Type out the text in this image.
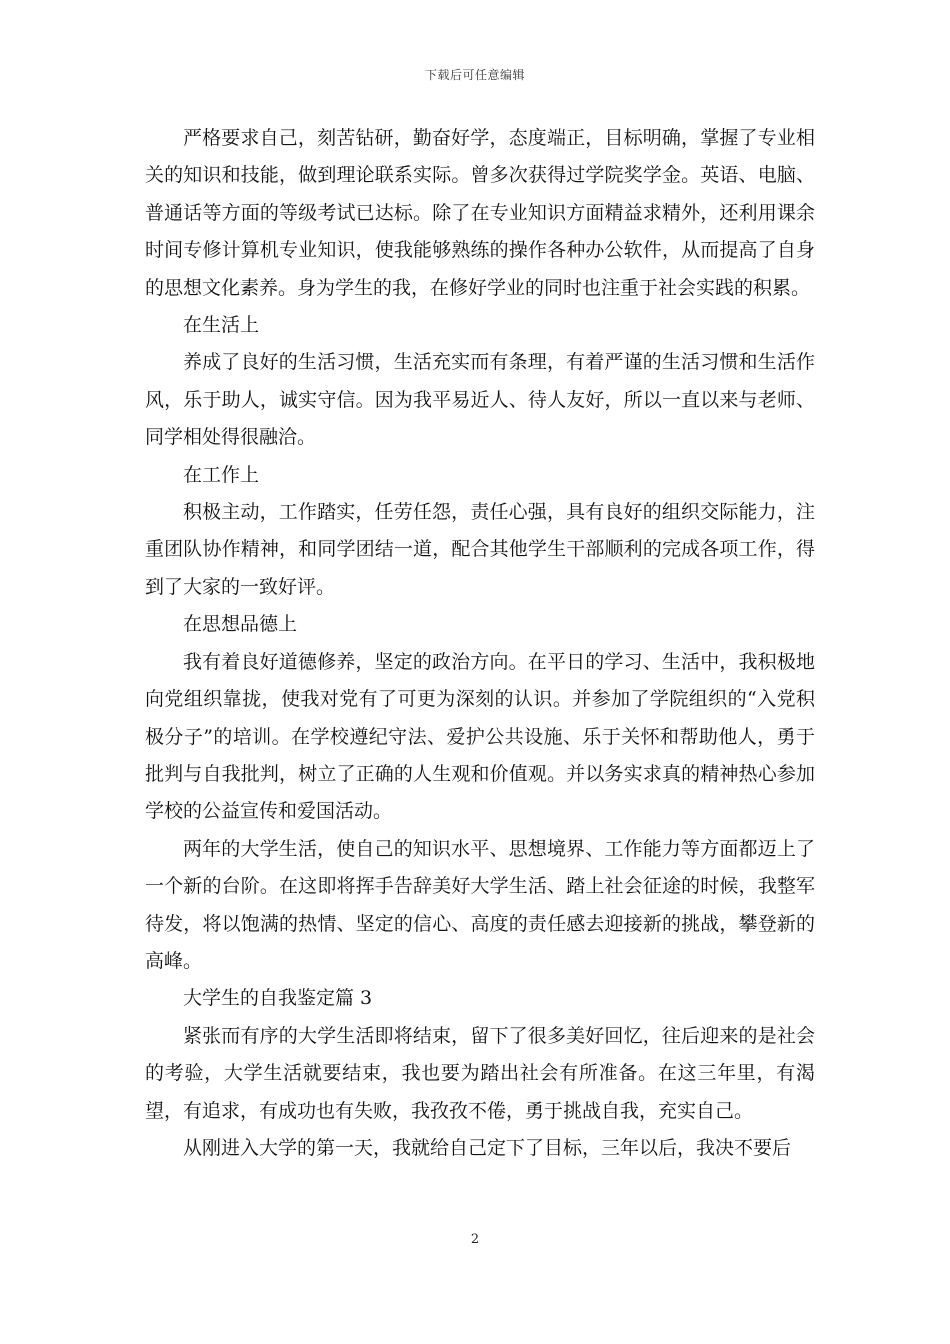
下载后可任意编辑

严格要求自己，刻苦钻研，勤奋好学，态度端正，目标明确，掌握了专业相关的知识和技能，做到理论联系实际。曾多次获得过学院奖学金。英语、电脑、普通话等方面的等级考试已达标。除了在专业知识方面精益求精外，还利用课余时间专修计算机专业知识，使我能够熟练的操作各种办公软件，从而提高了自身的思想文化素养。身为学生的我，在修好学业的同时也注重于社会实践的积累。

在生活上

养成了良好的生活习惯，生活充实而有条理，有着严谨的生活习惯和生活作风，乐于助人，诚实守信。因为我平易近人、待人友好，所以一直以来与老师、同学相处得很融洽。

在工作上

积极主动，工作踏实，任劳任怨，责任心强，具有良好的组织交际能力，注重团队协作精神，和同学团结一道，配合其他学生干部顺利的完成各项工作，得到了大家的一致好评。

在思想品德上

我有着良好道德修养，坚定的政治方向。在平日的学习、生活中，我积极地向党组织靠拢，使我对党有了可更为深刻的认识。并参加了学院组织的“入党积极分子”的培训。在学校遵纪守法、爱护公共设施、乐于关怀和帮助他人，勇于批判与自我批判，树立了正确的人生观和价值观。并以务实求真的精神热心参加学校的公益宣传和爱国活动。

两年的大学生活，使自己的知识水平、思想境界、工作能力等方面都迈上了一个新的台阶。在这即将挥手告辞美好大学生活、踏上社会征途的时候，我整军待发，将以饱满的热情、坚定的信心、高度的责任感去迎接新的挑战，攀登新的高峰。

大学生的自我鉴定篇 3

紧张而有序的大学生活即将结束，留下了很多美好回忆，往后迎来的是社会的考验，大学生活就要结束，我也要为踏出社会有所准备。在这三年里，有渴望，有追求，有成功也有失败，我孜孜不倦，勇于挑战自我，充实自己。

从刚进入大学的第一天，我就给自己定下了目标，三年以后，我决不要后

2
